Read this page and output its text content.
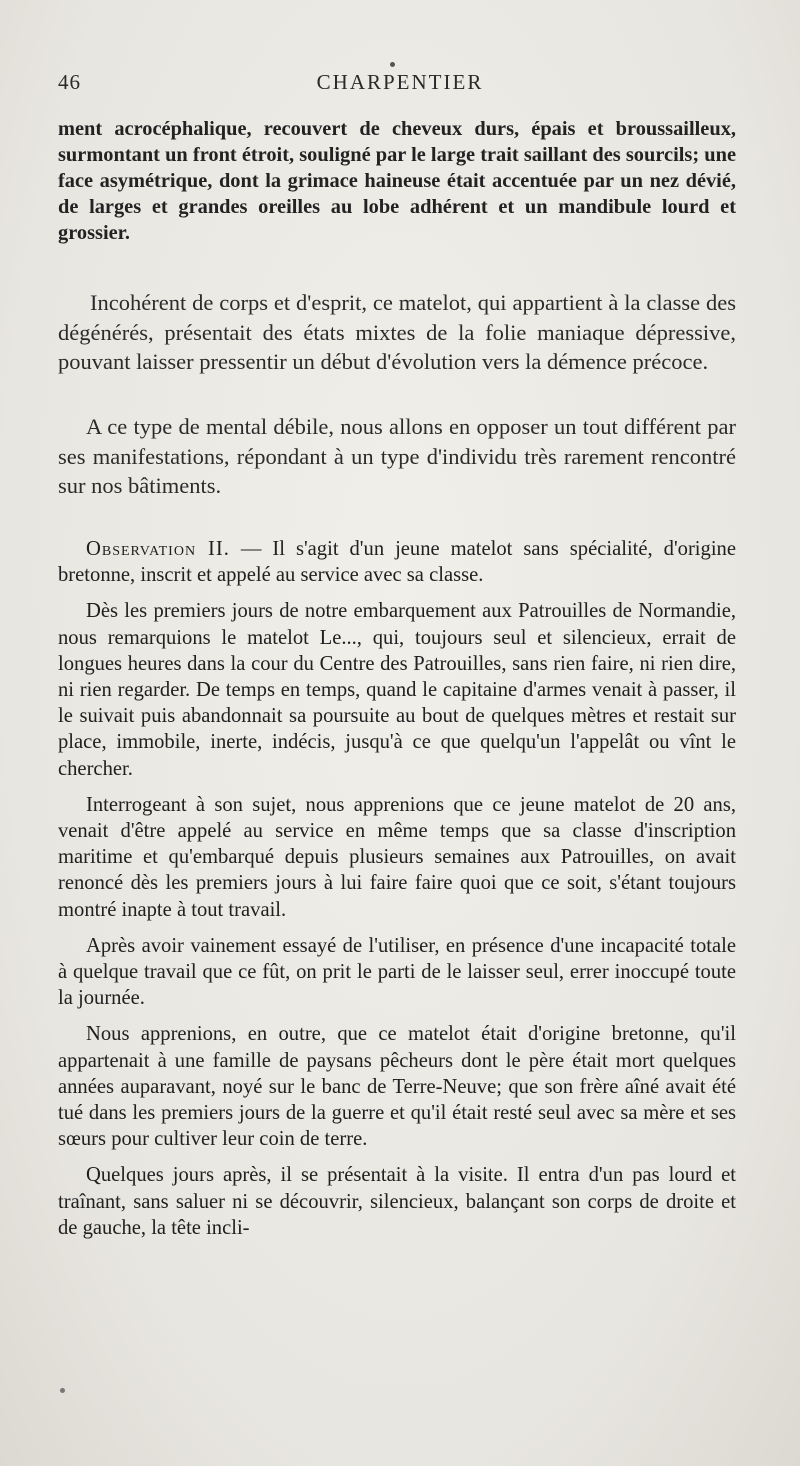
46	CHARPENTIER

ment acrocéphalique, recouvert de cheveux durs, épais et broussailleux, surmontant un front étroit, souligné par le large trait saillant des sourcils; une face asymétrique, dont la grimace haineuse était accentuée par un nez dévié, de larges et grandes oreilles au lobe adhérent et un mandibule lourd et grossier.

Incohérent de corps et d'esprit, ce matelot, qui appartient à la classe des dégénérés, présentait des états mixtes de la folie maniaque dépressive, pouvant laisser pressentir un début d'évolution vers la démence précoce.

A ce type de mental débile, nous allons en opposer un tout différent par ses manifestations, répondant à un type d'individu très rarement rencontré sur nos bâtiments.

Observation II. — Il s'agit d'un jeune matelot sans spécialité, d'origine bretonne, inscrit et appelé au service avec sa classe.

Dès les premiers jours de notre embarquement aux Patrouilles de Normandie, nous remarquions le matelot Le..., qui, toujours seul et silencieux, errait de longues heures dans la cour du Centre des Patrouilles, sans rien faire, ni rien dire, ni rien regarder. De temps en temps, quand le capitaine d'armes venait à passer, il le suivait puis abandonnait sa poursuite au bout de quelques mètres et restait sur place, immobile, inerte, indécis, jusqu'à ce que quelqu'un l'appelât ou vînt le chercher.

Interrogeant à son sujet, nous apprenions que ce jeune matelot de 20 ans, venait d'être appelé au service en même temps que sa classe d'inscription maritime et qu'embarqué depuis plusieurs semaines aux Patrouilles, on avait renoncé dès les premiers jours à lui faire faire quoi que ce soit, s'étant toujours montré inapte à tout travail.

Après avoir vainement essayé de l'utiliser, en présence d'une incapacité totale à quelque travail que ce fût, on prit le parti de le laisser seul, errer inoccupé toute la journée.

Nous apprenions, en outre, que ce matelot était d'origine bretonne, qu'il appartenait à une famille de paysans pêcheurs dont le père était mort quelques années auparavant, noyé sur le banc de Terre-Neuve; que son frère aîné avait été tué dans les premiers jours de la guerre et qu'il était resté seul avec sa mère et ses sœurs pour cultiver leur coin de terre.

Quelques jours après, il se présentait à la visite. Il entra d'un pas lourd et traînant, sans saluer ni se découvrir, silencieux, balançant son corps de droite et de gauche, la tête incli-
